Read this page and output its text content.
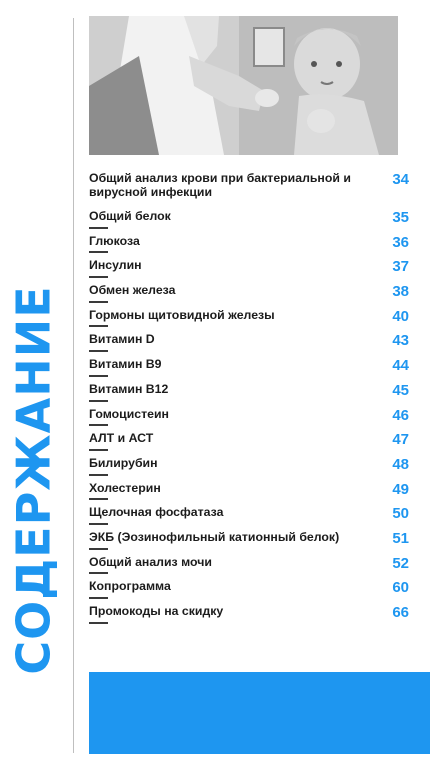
СОДЕРЖАНИЕ
Общий анализ крови при бактериальной и вирусной инфекции
34
Общий белок	35
Глюкоза	36
Инсулин	37
Обмен железа	38
Гормоны щитовидной железы	40
Витамин D	43
Витамин B9	44
Витамин B12	45
Гомоцистеин	46
АЛТ и АСТ	47
Билирубин	48
Холестерин	49
Щелочная фосфатаза	50
ЭКБ (Эозинофильный катионный белок)	51
Общий анализ мочи	52
Копрограмма	60
Промокоды на скидку	66
